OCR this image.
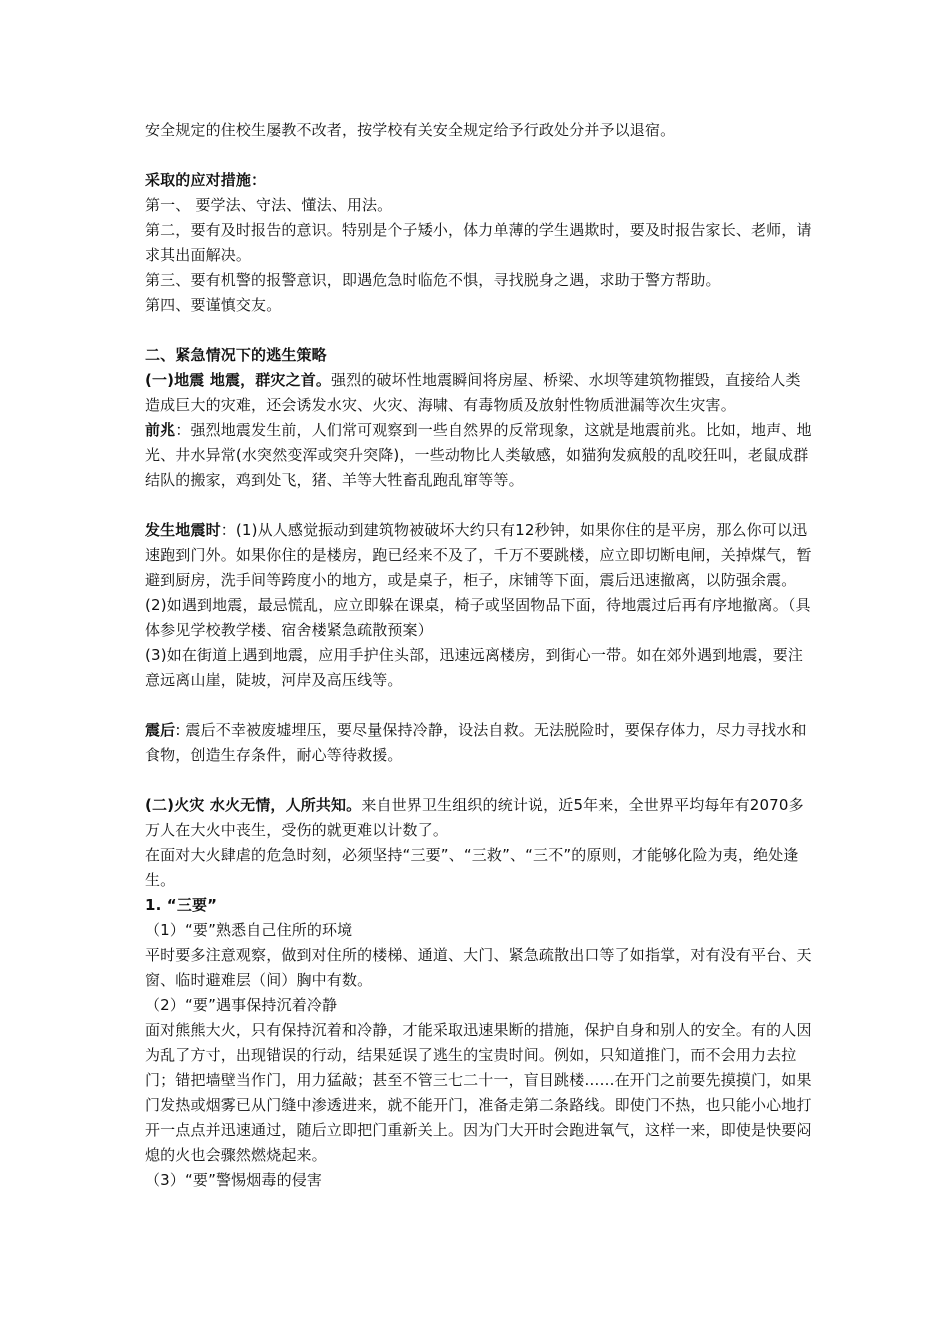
安全规定的住校生屡教不改者，按学校有关安全规定给予行政处分并予以退宿。

采取的应对措施：

第一、 要学法、守法、懂法、用法。

第二，要有及时报告的意识。特别是个子矮小，体力单薄的学生遇欺时，要及时报告家长、老师，请求其出面解决。

第三、要有机警的报警意识，即遇危急时临危不惧，寻找脱身之遇，求助于警方帮助。

第四、要谨慎交友。

二、紧急情况下的逃生策略

(一)地震 地震，群灾之首。强烈的破坏性地震瞬间将房屋、桥梁、水坝等建筑物摧毁，直接给人类造成巨大的灾难，还会诱发水灾、火灾、海啸、有毒物质及放射性物质泄漏等次生灾害。

前兆：强烈地震发生前，人们常可观察到一些自然界的反常现象，这就是地震前兆。比如，地声、地光、井水异常(水突然变浑或突升突降)，一些动物比人类敏感，如猫狗发疯般的乱咬狂叫，老鼠成群结队的搬家，鸡到处飞，猪、羊等大牲畜乱跑乱窜等等。

发生地震时：(1)从人感觉振动到建筑物被破坏大约只有12秒钟，如果你住的是平房，那么你可以迅速跑到门外。如果你住的是楼房，跑已经来不及了，千万不要跳楼，应立即切断电闸，关掉煤气，暂避到厨房，洗手间等跨度小的地方，或是桌子，柜子，床铺等下面，震后迅速撤离，以防强余震。

(2)如遇到地震，最忌慌乱，应立即躲在课桌，椅子或坚固物品下面，待地震过后再有序地撤离。（具体参见学校教学楼、宿舍楼紧急疏散预案）

(3)如在街道上遇到地震，应用手护住头部，迅速远离楼房，到街心一带。如在郊外遇到地震，要注意远离山崖，陡坡，河岸及高压线等。

震后: 震后不幸被废墟埋压，要尽量保持冷静，设法自救。无法脱险时，要保存体力，尽力寻找水和食物，创造生存条件，耐心等待救援。

(二)火灾 水火无情，人所共知。来自世界卫生组织的统计说，近5年来，全世界平均每年有2070多万人在大火中丧生，受伤的就更难以计数了。

在面对大火肆虐的危急时刻，必须坚持“三要”、“三救”、“三不”的原则，才能够化险为夷，绝处逢生。

1. “三要”

（1）“要”熟悉自己住所的环境

平时要多注意观察，做到对住所的楼梯、通道、大门、紧急疏散出口等了如指掌，对有没有平台、天窗、临时避难层（间）胸中有数。

（2）“要”遇事保持沉着冷静

面对熊熊大火，只有保持沉着和冷静，才能采取迅速果断的措施，保护自身和别人的安全。有的人因为乱了方寸，出现错误的行动，结果延误了逃生的宝贵时间。例如，只知道推门，而不会用力去拉门；错把墙壁当作门，用力猛敲；甚至不管三七二十一，盲目跳楼……在开门之前要先摸摸门，如果门发热或烟雾已从门缝中渗透进来，就不能开门，准备走第二条路线。即使门不热，也只能小心地打开一点点并迅速通过，随后立即把门重新关上。因为门大开时会跑进氧气，这样一来，即使是快要闷熄的火也会骤然燃烧起来。

（3）“要”警惕烟毒的侵害
